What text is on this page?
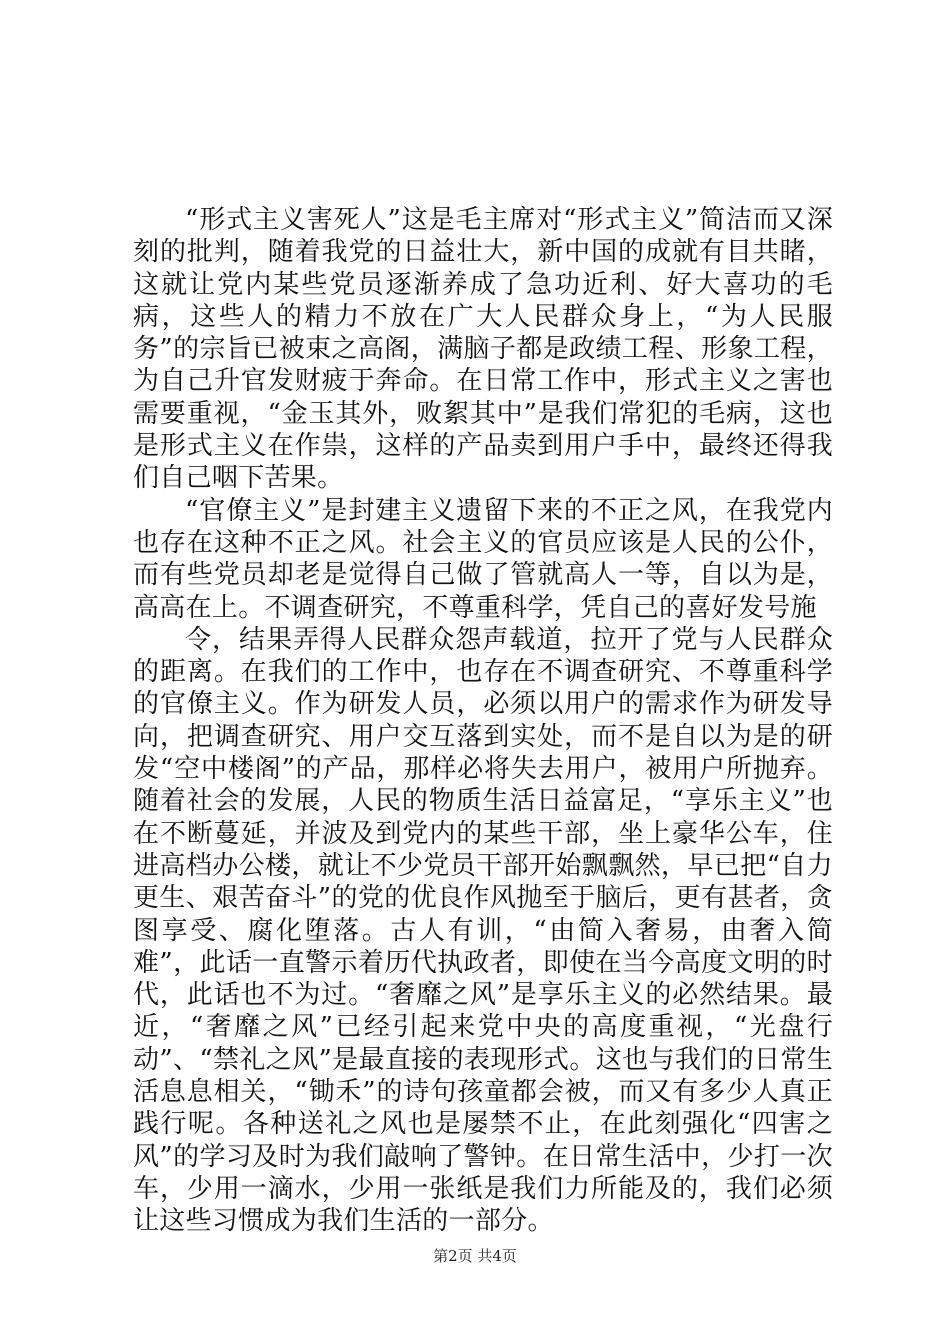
“形式主义害死人”这是毛主席对“形式主义”简洁而又深刻的批判，随着我党的日益壮大，新中国的成就有目共睹，这就让党内某些党员逐渐养成了急功近利、好大喜功的毛病，这些人的精力不放在广大人民群众身上，“为人民服务”的宗旨已被束之高阁，满脑子都是政绩工程、形象工程，为自己升官发财疲于奔命。在日常工作中，形式主义之害也需要重视，“金玉其外，败絮其中”是我们常犯的毛病，这也是形式主义在作祟，这样的产品卖到用户手中，最终还得我们自己咽下苦果。

“官僚主义”是封建主义遗留下来的不正之风，在我党内也存在这种不正之风。社会主义的官员应该是人民的公仆，而有些党员却老是觉得自己做了管就高人一等，自以为是，高高在上。不调查研究，不尊重科学，凭自己的喜好发号施

令，结果弄得人民群众怨声载道，拉开了党与人民群众的距离。在我们的工作中，也存在不调查研究、不尊重科学的官僚主义。作为研发人员，必须以用户的需求作为研发导向，把调查研究、用户交互落到实处，而不是自以为是的研发“空中楼阁”的产品，那样必将失去用户，被用户所抛弃。随着社会的发展，人民的物质生活日益富足，“享乐主义”也在不断蔓延，并波及到党内的某些干部，坐上豪华公车，住进高档办公楼，就让不少党员干部开始飘飘然，早已把“自力更生、艰苦奋斗”的党的优良作风抛至于脑后，更有甚者，贪图享受、腐化堕落。古人有训，“由简入奢易，由奢入简难”，此话一直警示着历代执政者，即使在当今高度文明的时代，此话也不为过。“奢靡之风”是享乐主义的必然结果。最近，“奢靡之风”已经引起来党中央的高度重视，“光盘行动”、“禁礼之风”是最直接的表现形式。这也与我们的日常生活息息相关，“锄禾”的诗句孩童都会被，而又有多少人真正践行呢。各种送礼之风也是屡禁不止，在此刻强化“四害之风”的学习及时为我们敲响了警钟。在日常生活中，少打一次车，少用一滴水，少用一张纸是我们力所能及的，我们必须让这些习惯成为我们生活的一部分。

第2页 共4页
